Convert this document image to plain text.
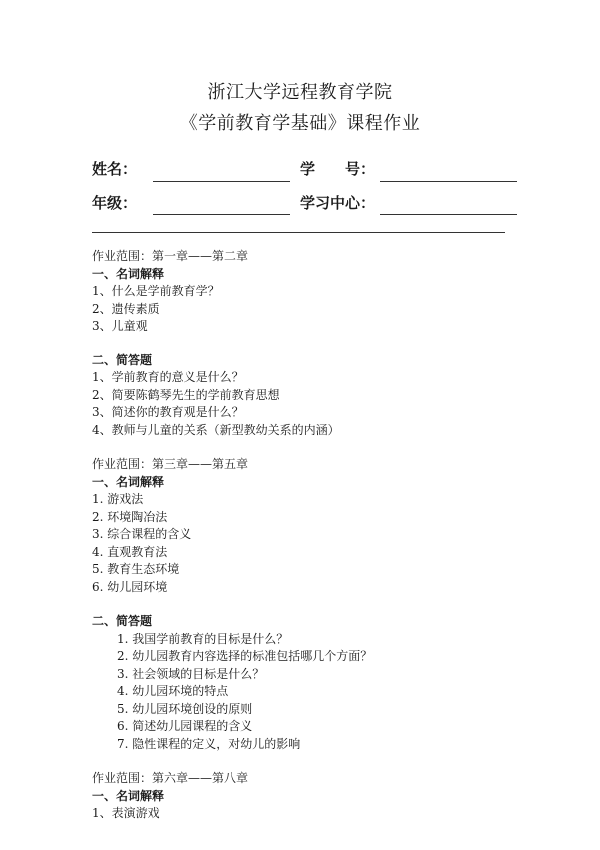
浙江大学远程教育学院
《学前教育学基础》课程作业
姓名：	学　　号：
年级：	学习中心：
作业范围：第一章——第二章
一、名词解释
1、什么是学前教育学？
2、遗传素质
3、儿童观
二、简答题
1、学前教育的意义是什么？
2、简要陈鹤琴先生的学前教育思想
3、简述你的教育观是什么？
4、教师与儿童的关系（新型教幼关系的内涵）
作业范围：第三章——第五章
一、名词解释
1. 游戏法
2. 环境陶冶法
3. 综合课程的含义
4. 直观教育法
5. 教育生态环境
6. 幼儿园环境
二、简答题
1. 我国学前教育的目标是什么？
2. 幼儿园教育内容选择的标准包括哪几个方面？
3. 社会领域的目标是什么？
4. 幼儿园环境的特点
5. 幼儿园环境创设的原则
6. 简述幼儿园课程的含义
7. 隐性课程的定义，对幼儿的影响
作业范围：第六章——第八章
一、名词解释
1、表演游戏
